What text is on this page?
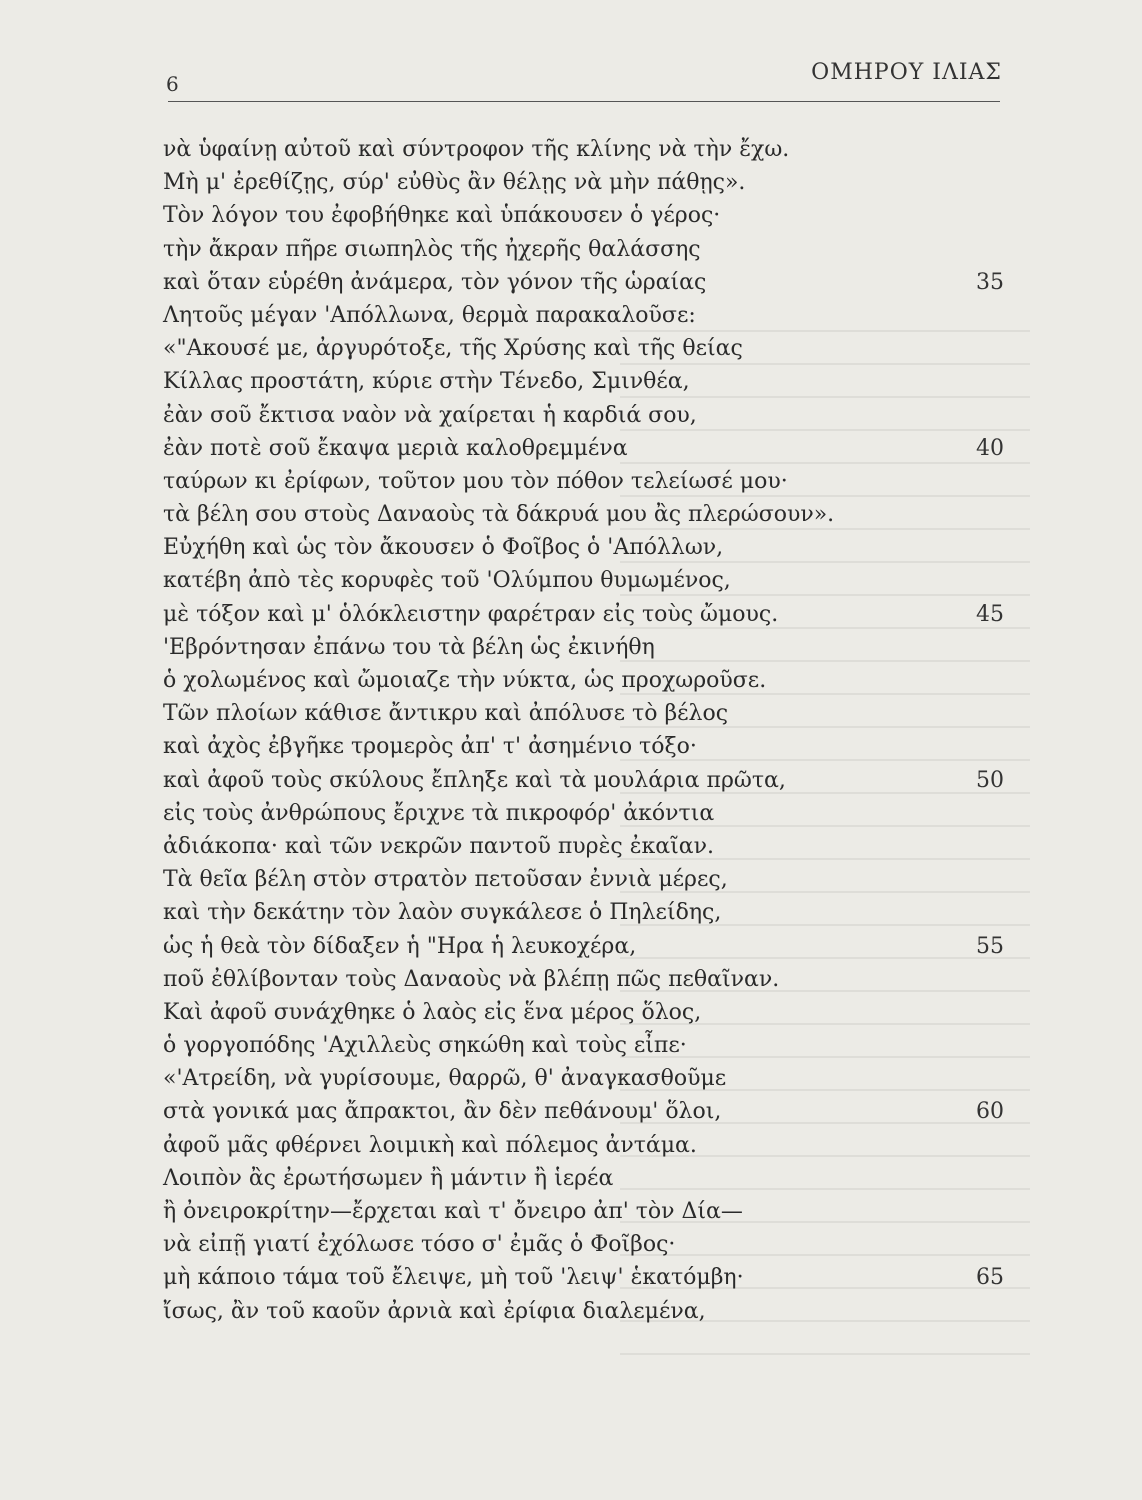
6	ΟΜΗΡΟΥ ΙΛΙΑΣ
νὰ ὑφαίνῃ αὐτοῦ καὶ σύντροφον τῆς κλίνης νὰ τὴν ἔχω.
Μὴ μ' ἐρεθίζῃς, σύρ' εὐθὺς ἂν θέλῃς νὰ μὴν πάθῃς».
Τὸν λόγον του ἐφοβήθηκε καὶ ὑπάκουσεν ὁ γέρος·
τὴν ἄκραν πῆρε σιωπηλὸς τῆς ἠχερῆς θαλάσσης
καὶ ὅταν εὑρέθη ἀνάμερα, τὸν γόνον τῆς ὡραίας	35
Λητοῦς μέγαν 'Απόλλωνα, θερμὰ παρακαλοῦσε:
«"Ακουσέ με, ἀργυρότοξε, τῆς Χρύσης καὶ τῆς θείας
Κίλλας προστάτη, κύριε στὴν Τένεδο, Σμινθέα,
ἐὰν σοῦ ἔκτισα ναὸν νὰ χαίρεται ἡ καρδιά σου,
ἐὰν ποτὲ σοῦ ἔκαψα μεριὰ καλοθρεμμένα	40
ταύρων κι ἐρίφων, τοῦτον μου τὸν πόθον τελείωσέ μου·
τὰ βέλη σου στοὺς Δαναοὺς τὰ δάκρυά μου ἂς πλερώσουν».
Εὐχήθη καὶ ὡς τὸν ἄκουσεν ὁ Φοῖβος ὁ 'Απόλλων,
κατέβη ἀπὸ τὲς κορυφὲς τοῦ 'Ολύμπου θυμωμένος,
μὲ τόξον καὶ μ' ὁλόκλειστην φαρέτραν εἰς τοὺς ὤμους.	45
'Εβρόντησαν ἐπάνω του τὰ βέλη ὡς ἐκινήθη
ὁ χολωμένος καὶ ὤμοιαζε τὴν νύκτα, ὡς προχωροῦσε.
Τῶν πλοίων κάθισε ἄντικρυ καὶ ἀπόλυσε τὸ βέλος
καὶ ἀχὸς ἐβγῆκε τρομερὸς ἀπ' τ' ἀσημένιο τόξο·
καὶ ἀφοῦ τοὺς σκύλους ἔπληξε καὶ τὰ μουλάρια πρῶτα,	50
εἰς τοὺς ἀνθρώπους ἔριχνε τὰ πικροφόρ' ἀκόντια
ἀδιάκοπα· καὶ τῶν νεκρῶν παντοῦ πυρὲς ἐκαῖαν.
Τὰ θεῖα βέλη στὸν στρατὸν πετοῦσαν ἐννιὰ μέρες,
καὶ τὴν δεκάτην τὸν λαὸν συγκάλεσε ὁ Πηλείδης,
ὡς ἡ θεὰ τὸν δίδαξεν ἡ "Ηρα ἡ λευκοχέρα,	55
ποῦ ἐθλίβονταν τοὺς Δαναοὺς νὰ βλέπῃ πῶς πεθαῖναν.
Καὶ ἀφοῦ συνάχθηκε ὁ λαὸς εἰς ἕνα μέρος ὅλος,
ὁ γοργοπόδης 'Αχιλλεὺς σηκώθη καὶ τοὺς εἶπε·
«'Ατρείδη, νὰ γυρίσουμε, θαρρῶ, θ' ἀναγκασθοῦμε
στὰ γονικά μας ἄπρακτοι, ἂν δὲν πεθάνουμ' ὅλοι,	60
ἀφοῦ μᾶς φθέρνει λοιμικὴ καὶ πόλεμος ἀντάμα.
Λοιπὸν ἂς ἐρωτήσωμεν ἢ μάντιν ἢ ἱερέα
ἢ ὀνειροκρίτην—ἔρχεται καὶ τ' ὄνειρο ἀπ' τὸν Δία—
νὰ εἰπῇ γιατί ἐχόλωσε τόσο σ' ἐμᾶς ὁ Φοῖβος·
μὴ κάποιο τάμα τοῦ ἔλειψε, μὴ τοῦ 'λειψ' ἑκατόμβη·	65
ἴσως, ἂν τοῦ καοῦν ἀρνιὰ καὶ ἐρίφια διαλεμένα,
